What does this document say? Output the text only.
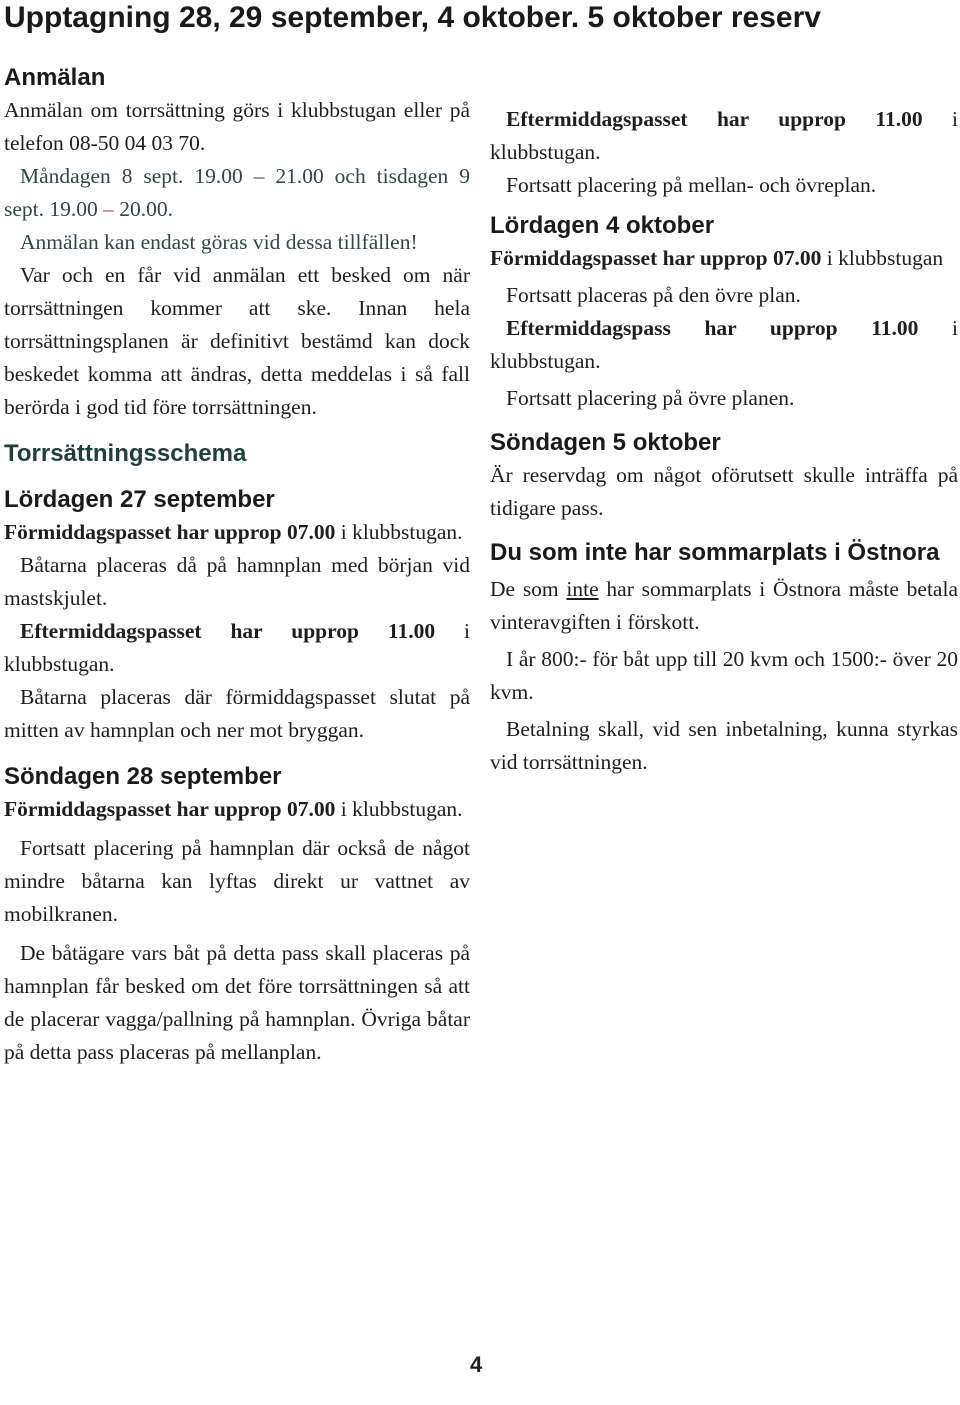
Upptagning 28, 29 september, 4 oktober. 5 oktober reserv
Anmälan

Anmälan om torrsättning görs i klubbstugan eller på telefon 08-50 04 03 70.

Måndagen 8 sept. 19.00 – 21.00 och tisdagen 9 sept. 19.00 – 20.00.

Anmälan kan endast göras vid dessa tillfällen!

Var och en får vid anmälan ett besked om när torrsättningen kommer att ske. Innan hela torrsättningsplanen är definitivt bestämd kan dock beskedet komma att ändras, detta meddelas i så fall berörda i god tid före torrsättningen.

Torrsättningsschema
Lördagen 27 september

Förmiddagspasset har upprop 07.00 i klubbstugan.

Båtarna placeras då på hamnplan med början vid mastskjulet.

Eftermiddagspasset har upprop 11.00 i klubbstugan.

Båtarna placeras där förmiddagspasset slutat på mitten av hamnplan och ner mot bryggan.

Söndagen 28 september

Förmiddagspasset har upprop 07.00 i klubbstugan.

Fortsatt placering på hamnplan där också de något mindre båtarna kan lyftas direkt ur vattnet av mobilkranen.

De båtägare vars båt på detta pass skall placeras på hamnplan får besked om det före torrsättningen så att de placerar vagga/pallning på hamnplan. Övriga båtar på detta pass placeras på mellanplan.

Eftermiddagspasset har upprop 11.00 i klubbstugan.

Fortsatt placering på mellan- och övreplan.

Lördagen 4 oktober

Förmiddagspasset har upprop 07.00 i klubbstugan

Fortsatt placeras på den övre plan.

Eftermiddagspass har upprop 11.00 i klubbstugan.

Fortsatt placering på övre planen.

Söndagen 5 oktober

Är reservdag om något oförutsett skulle inträffa på tidigare pass.

Du som inte har sommarplats i Östnora

De som inte har sommarplats i Östnora måste betala vinteravgiften i förskott.

I år 800:- för båt upp till 20 kvm och 1500:- över 20 kvm.

Betalning skall, vid sen inbetalning, kunna styrkas vid torrsättningen.

4
